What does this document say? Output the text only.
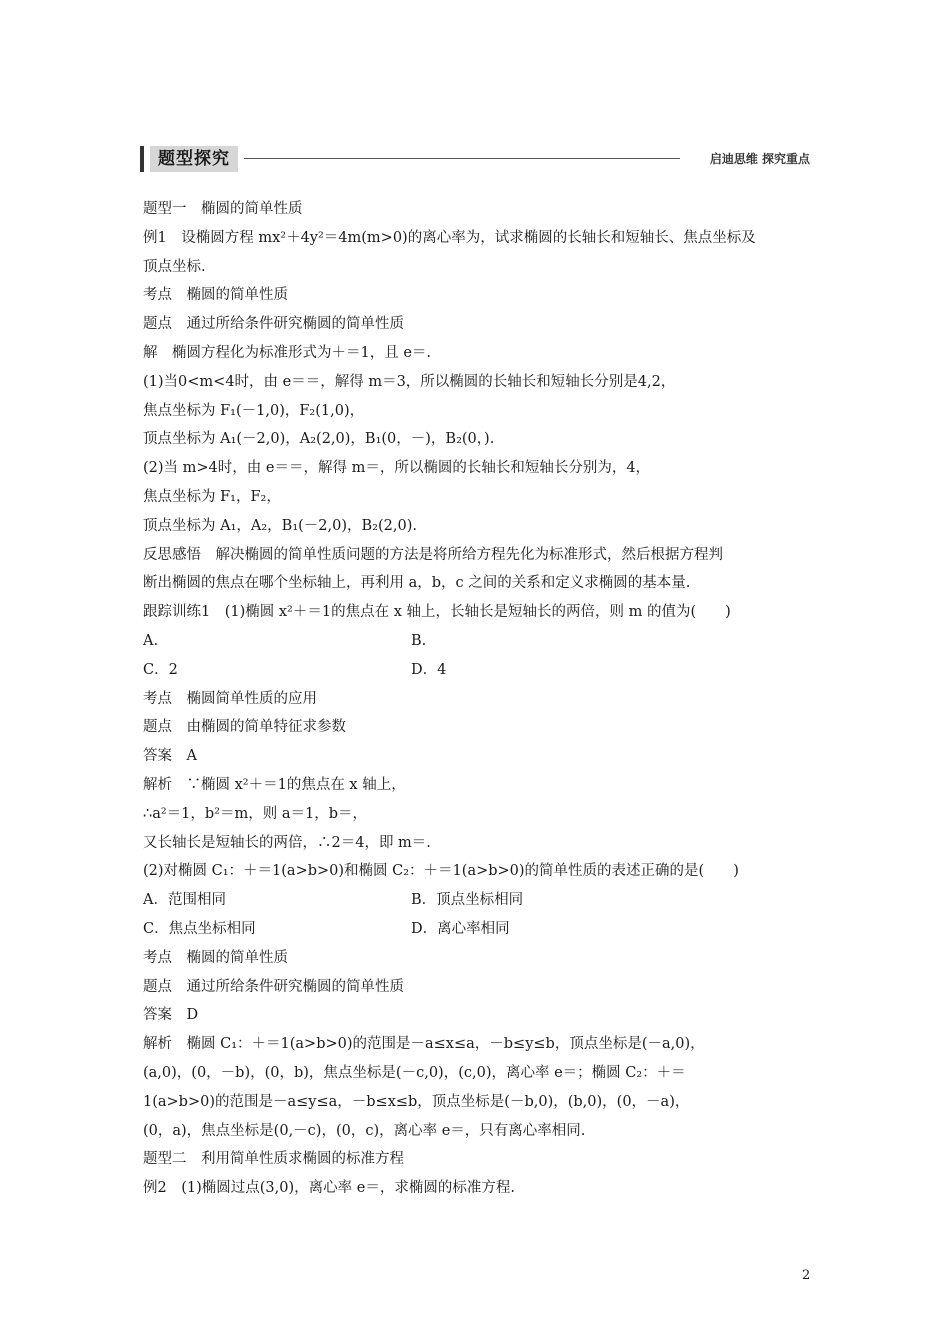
题型探究	启迪思维 探究重点
题型一　椭圆的简单性质
例1　设椭圆方程 mx²＋4y²＝4m(m>0)的离心率为，试求椭圆的长轴长和短轴长、焦点坐标及
顶点坐标.
考点　椭圆的简单性质
题点　通过所给条件研究椭圆的简单性质
解　椭圆方程化为标准形式为＋＝1，且 e＝.
(1)当0<m<4时，由 e＝＝，解得 m＝3，所以椭圆的长轴长和短轴长分别是4,2，
焦点坐标为 F₁(－1,0)，F₂(1,0)，
顶点坐标为 A₁(－2,0)，A₂(2,0)，B₁(0，－)，B₂(0，).
(2)当 m>4时，由 e＝＝，解得 m＝，所以椭圆的长轴长和短轴长分别为，4，
焦点坐标为 F₁，F₂，
顶点坐标为 A₁，A₂，B₁(－2,0)，B₂(2,0).
反思感悟　解决椭圆的简单性质问题的方法是将所给方程先化为标准形式，然后根据方程判
断出椭圆的焦点在哪个坐标轴上，再利用 a，b，c 之间的关系和定义求椭圆的基本量.
跟踪训练1　(1)椭圆 x²＋＝1的焦点在 x 轴上，长轴长是短轴长的两倍，则 m 的值为(　　)
A.	B.
C．2	D．4
考点　椭圆简单性质的应用
题点　由椭圆的简单特征求参数
答案　A
解析　∵椭圆 x²＋＝1的焦点在 x 轴上，
∴a²＝1，b²＝m，则 a＝1，b＝，
又长轴长是短轴长的两倍，∴2＝4，即 m＝.
(2)对椭圆 C₁：＋＝1(a>b>0)和椭圆 C₂：＋＝1(a>b>0)的简单性质的表述正确的是(　　)
A．范围相同	B．顶点坐标相同
C．焦点坐标相同	D．离心率相同
考点　椭圆的简单性质
题点　通过所给条件研究椭圆的简单性质
答案　D
解析　椭圆 C₁：＋＝1(a>b>0)的范围是－a≤x≤a，－b≤y≤b，顶点坐标是(－a,0)，
(a,0)，(0，－b)，(0，b)，焦点坐标是(－c,0)，(c,0)，离心率 e＝；椭圆 C₂：＋＝
1(a>b>0)的范围是－a≤y≤a，－b≤x≤b，顶点坐标是(－b,0)，(b,0)，(0，－a)，
(0，a)，焦点坐标是(0,－c)，(0，c)，离心率 e＝，只有离心率相同.
题型二　利用简单性质求椭圆的标准方程
例2　(1)椭圆过点(3,0)，离心率 e＝，求椭圆的标准方程.
2
